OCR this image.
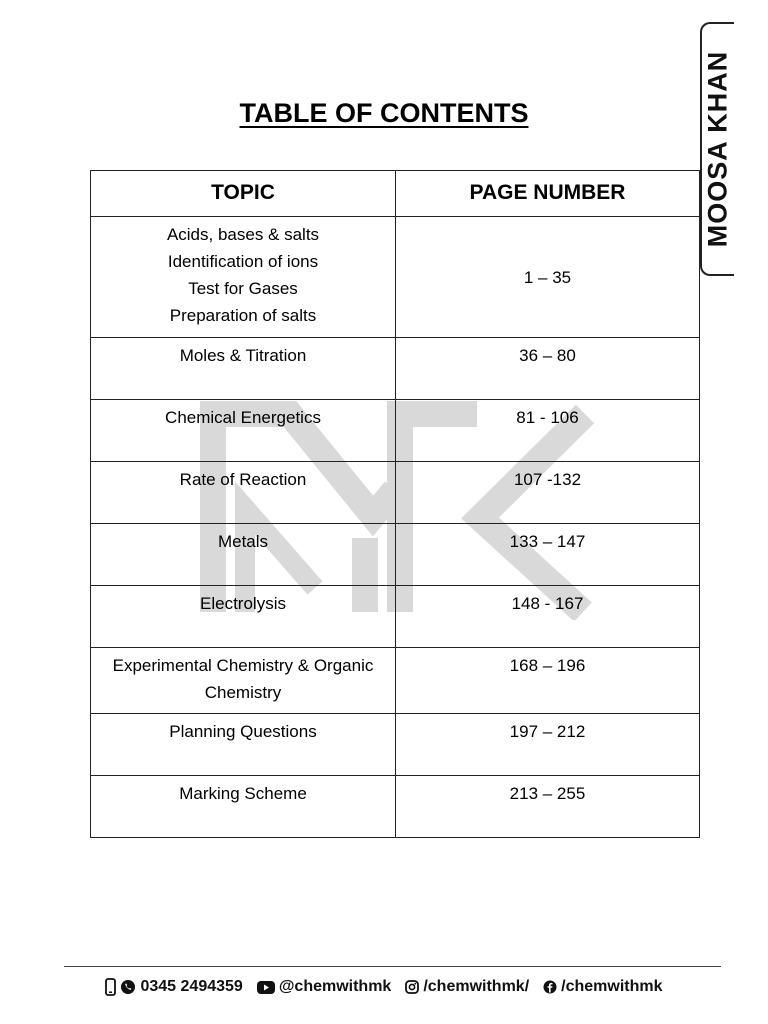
MOOSA KHAN
TABLE OF CONTENTS
TOPIC	PAGE NUMBER

Acids, bases & salts
Identification of ions
Test for Gases
Preparation of salts	1 – 35
Moles & Titration	36 – 80
Chemical Energetics	81 - 106
Rate of Reaction	107 -132
Metals	133 – 147
Electrolysis	148 - 167

Experimental Chemistry & Organic
Chemistry	168 – 196
Planning Questions	197 – 212
Marking Scheme	213 – 255
0345 2494359 @chemwithmk /chemwithmk/ /chemwithmk
